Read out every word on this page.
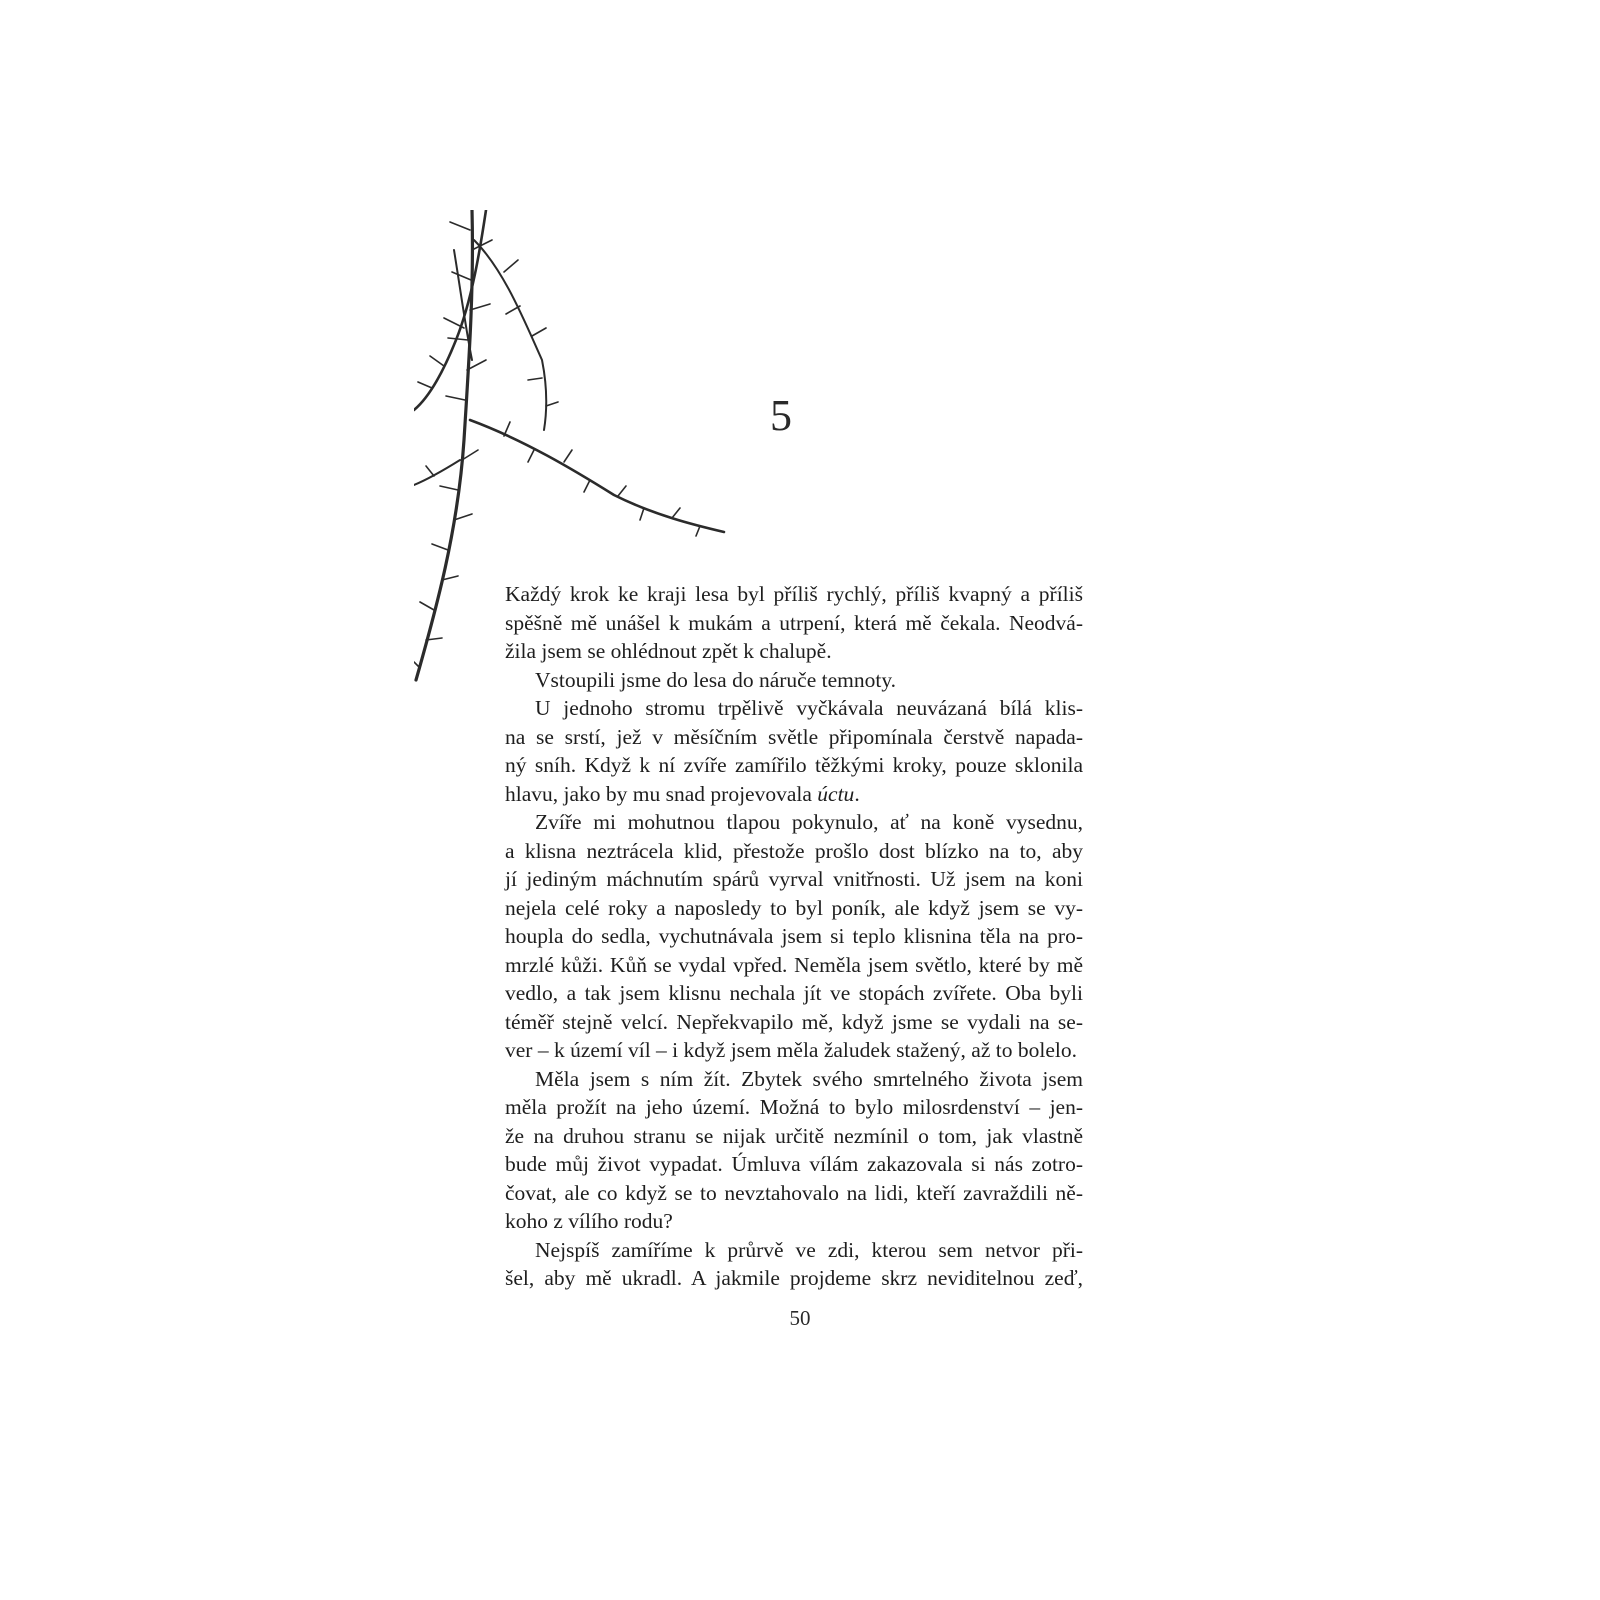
5
Každý krok ke kraji lesa byl příliš rychlý, příliš kvapný a příliš
spěšně mě unášel k mukám a utrpení, která mě čekala. Neodvá-
žila jsem se ohlédnout zpět k chalupě.
Vstoupili jsme do lesa do náruče temnoty.
U jednoho stromu trpělivě vyčkávala neuvázaná bílá klis-
na se srstí, jež v měsíčním světle připomínala čerstvě napada-
ný sníh. Když k ní zvíře zamířilo těžkými kroky, pouze sklonila
hlavu, jako by mu snad projevovala úctu.
Zvíře mi mohutnou tlapou pokynulo, ať na koně vysednu,
a klisna neztrácela klid, přestože prošlo dost blízko na to, aby
jí jediným máchnutím spárů vyrval vnitřnosti. Už jsem na koni
nejela celé roky a naposledy to byl poník, ale když jsem se vy-
houpla do sedla, vychutnávala jsem si teplo klisnina těla na pro-
mrzlé kůži. Kůň se vydal vpřed. Neměla jsem světlo, které by mě
vedlo, a tak jsem klisnu nechala jít ve stopách zvířete. Oba byli
téměř stejně velcí. Nepřekvapilo mě, když jsme se vydali na se-
ver – k území víl – i když jsem měla žaludek stažený, až to bolelo.
Měla jsem s ním žít. Zbytek svého smrtelného života jsem
měla prožít na jeho území. Možná to bylo milosrdenství – jen-
že na druhou stranu se nijak určitě nezmínil o tom, jak vlastně
bude můj život vypadat. Úmluva vílám zakazovala si nás zotro-
čovat, ale co když se to nevztahovalo na lidi, kteří zavraždili ně-
koho z vílího rodu?
Nejspíš zamíříme k průrvě ve zdi, kterou sem netvor při-
šel, aby mě ukradl. A jakmile projdeme skrz neviditelnou zeď,
50
